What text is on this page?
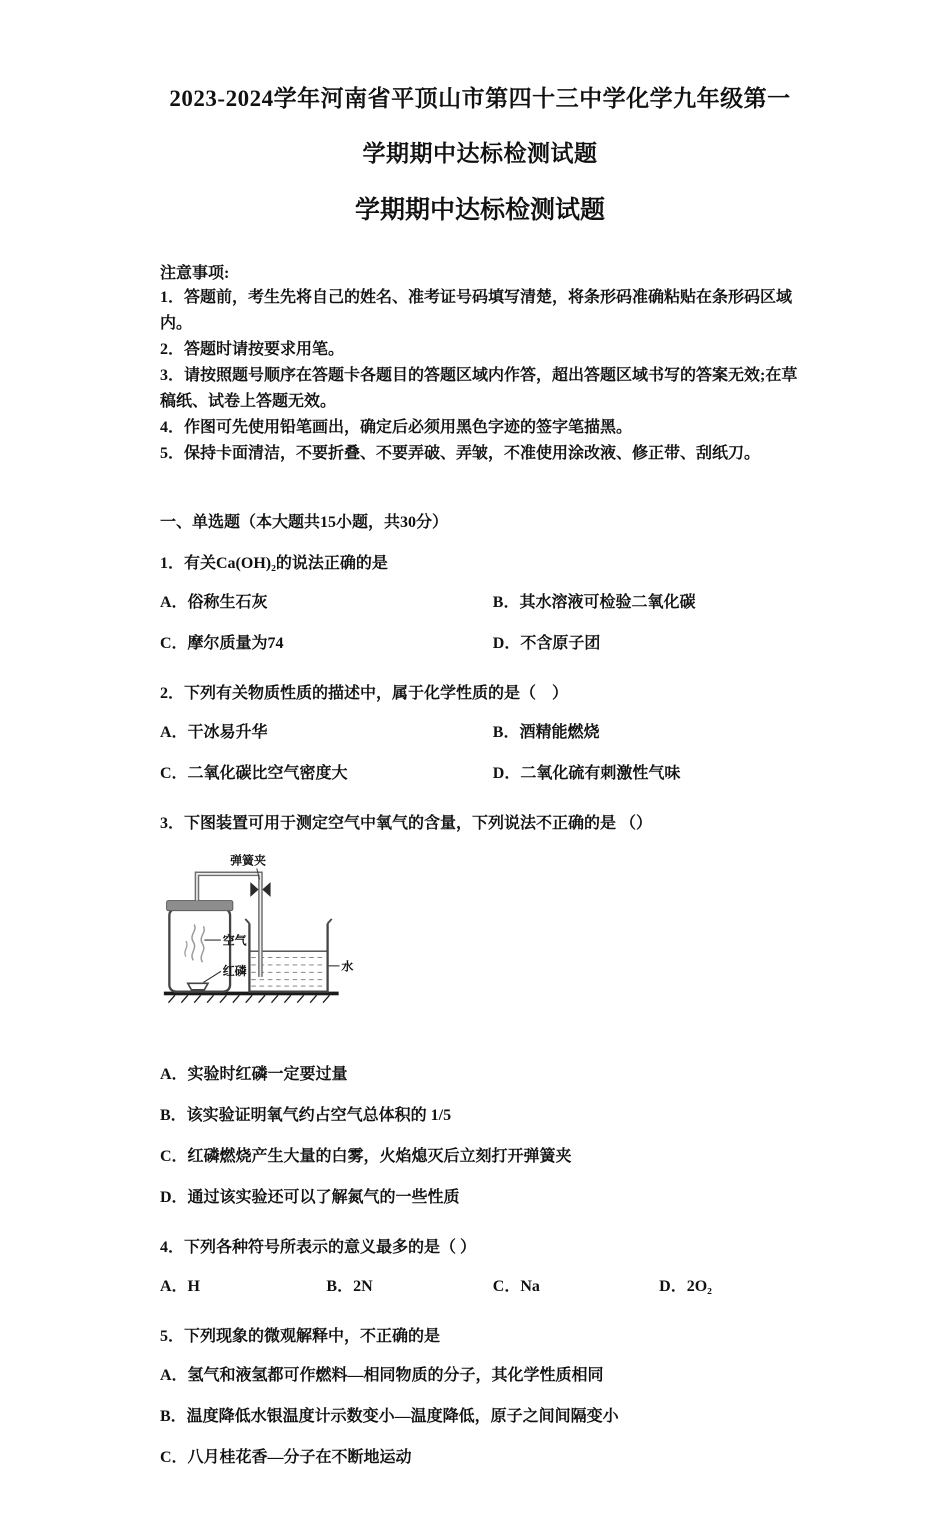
2023-2024学年河南省平顶山市第四十三中学化学九年级第一
学期期中达标检测试题
学期期中达标检测试题
注意事项:
1．答题前，考生先将自己的姓名、准考证号码填写清楚，将条形码准确粘贴在条形码区域内。
2．答题时请按要求用笔。
3．请按照题号顺序在答题卡各题目的答题区域内作答，超出答题区域书写的答案无效;在草稿纸、试卷上答题无效。
4．作图可先使用铅笔画出，确定后必须用黑色字迹的签字笔描黑。
5．保持卡面清洁，不要折叠、不要弄破、弄皱，不准使用涂改液、修正带、刮纸刀。
一、单选题（本大题共15小题，共30分）
1．有关Ca(OH)₂的说法正确的是
A．俗称生石灰	B．其水溶液可检验二氧化碳
C．摩尔质量为74	D．不含原子团
2．下列有关物质性质的描述中，属于化学性质的是（　）
A．干冰易升华	B．酒精能燃烧
C．二氧化碳比空气密度大	D．二氧化硫有刺激性气味
3．下图装置可用于测定空气中氧气的含量，下列说法不正确的是 （）
弹簧夹
空气
红磷	水
A．实验时红磷一定要过量
B．该实验证明氧气约占空气总体积的 1/5
C．红磷燃烧产生大量的白雾，火焰熄灭后立刻打开弹簧夹
D．通过该实验还可以了解氮气的一些性质
4．下列各种符号所表示的意义最多的是（ ）
A．H	B．2N	C．Na	D．2O₂
5．下列现象的微观解释中，不正确的是
A．氢气和液氢都可作燃料—相同物质的分子，其化学性质相同
B．温度降低水银温度计示数变小—温度降低，原子之间间隔变小
C．八月桂花香—分子在不断地运动
